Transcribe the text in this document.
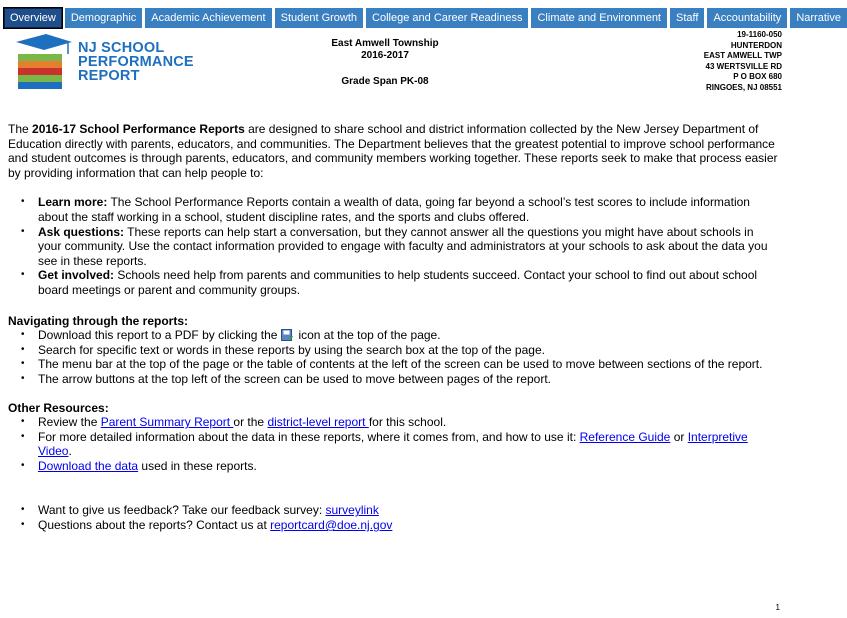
Overview	Demographic	Academic Achievement	Student Growth	College and Career Readiness	Climate and Environment	Staff	Accountability	Narrative
NJ SCHOOL
PERFORMANCE
REPORT
East Amwell Township
2016-2017
Grade Span PK-08
19-1160-050
HUNTERDON
EAST AMWELL TWP
43 WERTSVILLE RD
P O BOX 680
RINGOES, NJ 08551

The 2016-17 School Performance Reports are designed to share school and district information collected by the New Jersey Department of Education directly with parents, educators, and communities. The Department believes that the greatest potential to improve school performance and student outcomes is through parents, educators, and community members working together. These reports seek to make that process easier by providing information that can help people to:

• Learn more: The School Performance Reports contain a wealth of data, going far beyond a school’s test scores to include information about the staff working in a school, student discipline rates, and the sports and clubs offered.
• Ask questions: These reports can help start a conversation, but they cannot answer all the questions you might have about schools in your community. Use the contact information provided to engage with faculty and administrators at your schools to ask about the data you see in these reports.
• Get involved: Schools need help from parents and communities to help students succeed. Contact your school to find out about school board meetings or parent and community groups.

Navigating through the reports:

• Download this report to a PDF by clicking the icon at the top of the page.
• Search for specific text or words in these reports by using the search box at the top of the page.
• The menu bar at the top of the page or the table of contents at the left of the screen can be used to move between sections of the report.
• The arrow buttons at the top left of the screen can be used to move between pages of the report.

Other Resources:

• Review the Parent Summary Report or the district-level report for this school.
• For more detailed information about the data in these reports, where it comes from, and how to use it: Reference Guide or Interpretive Video.
• Download the data used in these reports.
• Want to give us feedback? Take our feedback survey: surveylink
• Questions about the reports? Contact us at reportcard@doe.nj.gov
1
